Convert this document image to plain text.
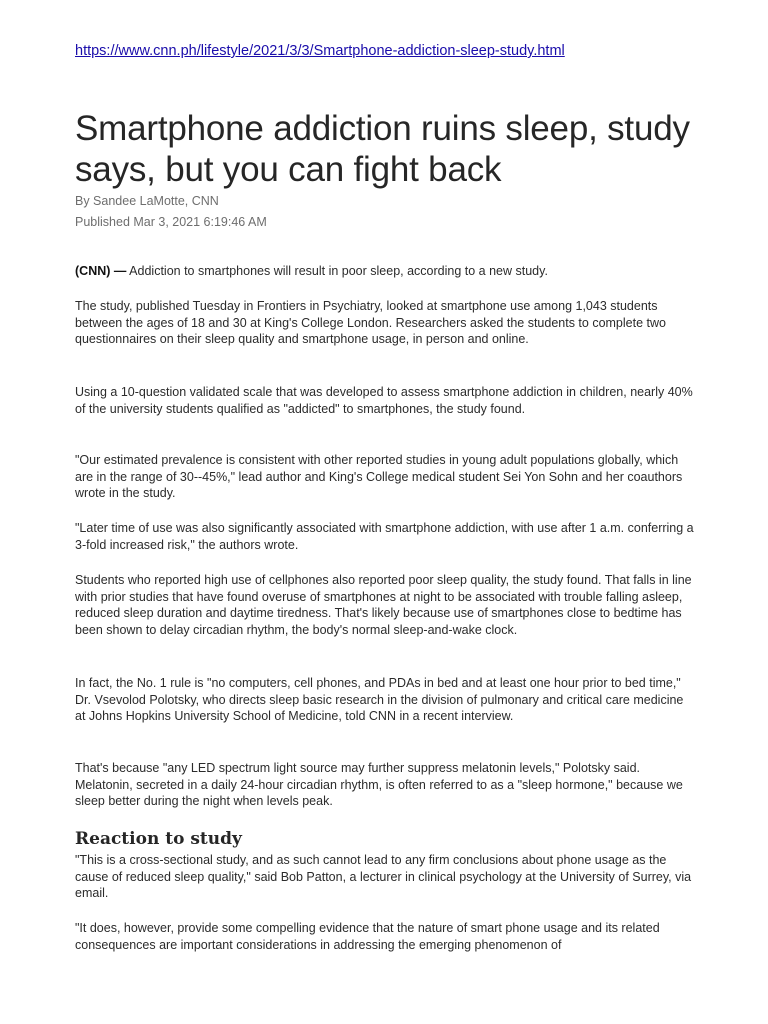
https://www.cnn.ph/lifestyle/2021/3/3/Smartphone-addiction-sleep-study.html
Smartphone addiction ruins sleep, study says, but you can fight back
By Sandee LaMotte, CNN
Published Mar 3, 2021 6:19:46 AM

(CNN) — Addiction to smartphones will result in poor sleep, according to a new study.

The study, published Tuesday in Frontiers in Psychiatry, looked at smartphone use among 1,043 students between the ages of 18 and 30 at King's College London. Researchers asked the students to complete two questionnaires on their sleep quality and smartphone usage, in person and online.

Using a 10-question validated scale that was developed to assess smartphone addiction in children, nearly 40% of the university students qualified as "addicted" to smartphones, the study found.

"Our estimated prevalence is consistent with other reported studies in young adult populations globally, which are in the range of 30--45%," lead author and King's College medical student Sei Yon Sohn and her coauthors wrote in the study.

"Later time of use was also significantly associated with smartphone addiction, with use after 1 a.m. conferring a 3-fold increased risk," the authors wrote.

Students who reported high use of cellphones also reported poor sleep quality, the study found. That falls in line with prior studies that have found overuse of smartphones at night to be associated with trouble falling asleep, reduced sleep duration and daytime tiredness. That's likely because use of smartphones close to bedtime has been shown to delay circadian rhythm, the body's normal sleep-and-wake clock.

In fact, the No. 1 rule is "no computers, cell phones, and PDAs in bed and at least one hour prior to bed time," Dr. Vsevolod Polotsky, who directs sleep basic research in the division of pulmonary and critical care medicine at Johns Hopkins University School of Medicine, told CNN in a recent interview.

That's because "any LED spectrum light source may further suppress melatonin levels," Polotsky said. Melatonin, secreted in a daily 24-hour circadian rhythm, is often referred to as a "sleep hormone," because we sleep better during the night when levels peak.

Reaction to study

"This is a cross-sectional study, and as such cannot lead to any firm conclusions about phone usage as the cause of reduced sleep quality," said Bob Patton, a lecturer in clinical psychology at the University of Surrey, via email.

"It does, however, provide some compelling evidence that the nature of smart phone usage and its related consequences are important considerations in addressing the emerging phenomenon of
